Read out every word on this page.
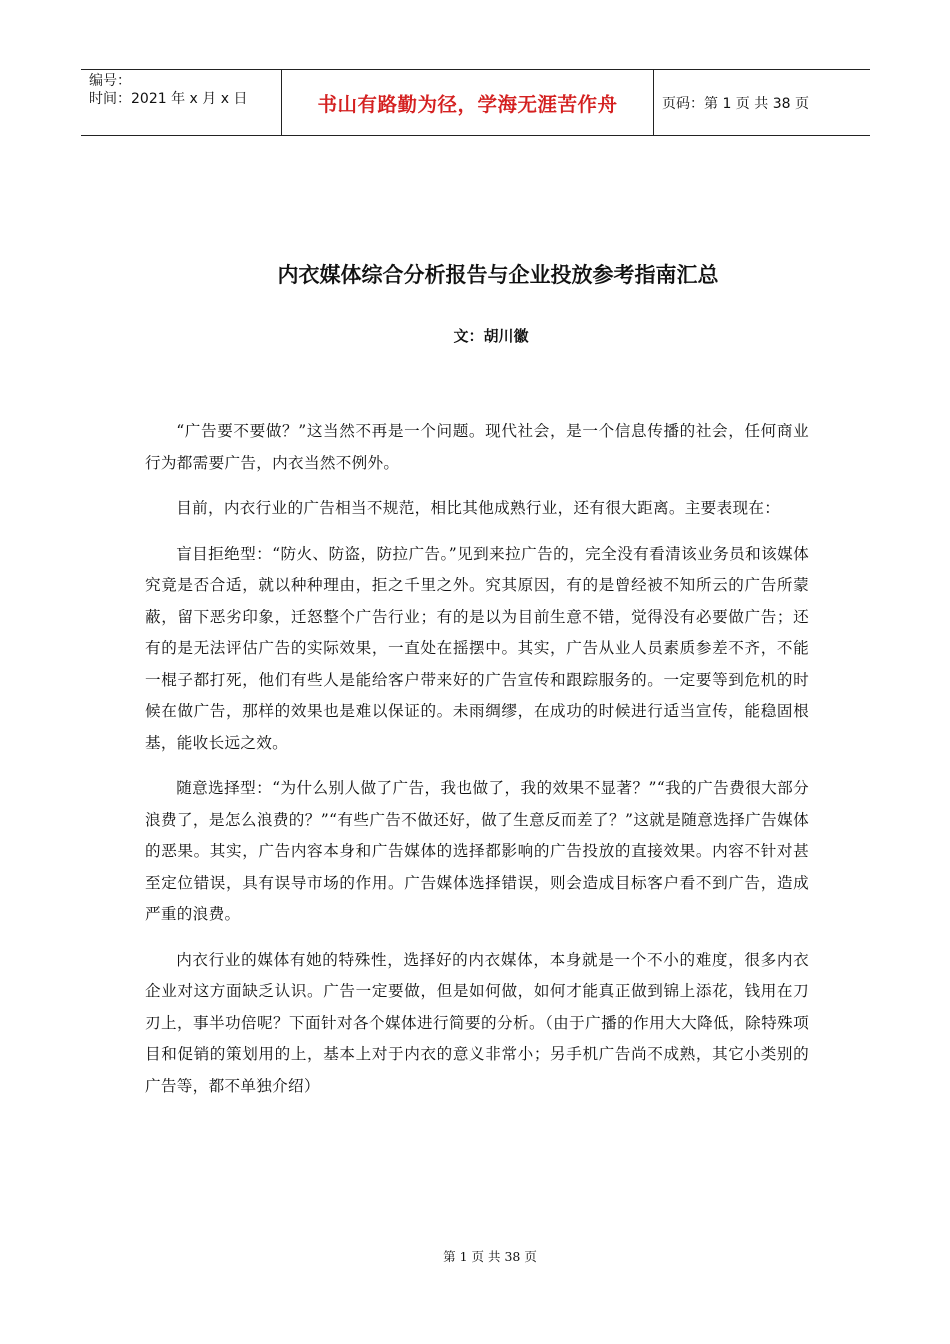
编号：
时间：2021 年 x 月 x 日	书山有路勤为径，学海无涯苦作舟	页码：第 1 页 共 38 页
内衣媒体综合分析报告与企业投放参考指南汇总
文：胡川徽

“广告要不要做？”这当然不再是一个问题。现代社会，是一个信息传播的社会，任何商业行为都需要广告，内衣当然不例外。

目前，内衣行业的广告相当不规范，相比其他成熟行业，还有很大距离。主要表现在：

盲目拒绝型：“防火、防盗，防拉广告。”见到来拉广告的，完全没有看清该业务员和该媒体究竟是否合适，就以种种理由，拒之千里之外。究其原因，有的是曾经被不知所云的广告所蒙蔽，留下恶劣印象，迁怒整个广告行业；有的是以为目前生意不错，觉得没有必要做广告；还有的是无法评估广告的实际效果，一直处在摇摆中。其实，广告从业人员素质参差不齐，不能一棍子都打死，他们有些人是能给客户带来好的广告宣传和跟踪服务的。一定要等到危机的时候在做广告，那样的效果也是难以保证的。未雨绸缪，在成功的时候进行适当宣传，能稳固根基，能收长远之效。

随意选择型：“为什么别人做了广告，我也做了，我的效果不显著？”“我的广告费很大部分浪费了，是怎么浪费的？”“有些广告不做还好，做了生意反而差了？”这就是随意选择广告媒体的恶果。其实，广告内容本身和广告媒体的选择都影响的广告投放的直接效果。内容不针对甚至定位错误，具有误导市场的作用。广告媒体选择错误，则会造成目标客户看不到广告，造成严重的浪费。

内衣行业的媒体有她的特殊性，选择好的内衣媒体，本身就是一个不小的难度，很多内衣企业对这方面缺乏认识。广告一定要做，但是如何做，如何才能真正做到锦上添花，钱用在刀刃上，事半功倍呢？下面针对各个媒体进行简要的分析。（由于广播的作用大大降低，除特殊项目和促销的策划用的上，基本上对于内衣的意义非常小；另手机广告尚不成熟，其它小类别的广告等，都不单独介绍）

第 1 页 共 38 页
